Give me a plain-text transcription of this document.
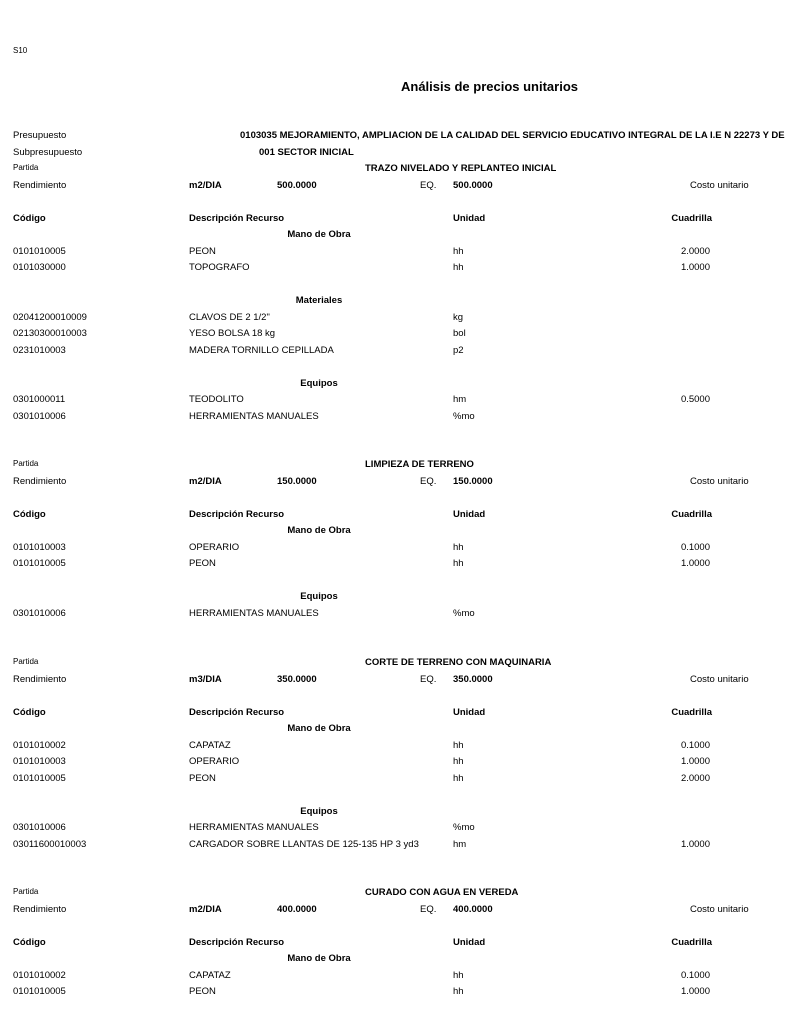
S10
Análisis de precios unitarios
Presupuesto	0103035 MEJORAMIENTO, AMPLIACION DE LA CALIDAD DEL SERVICIO EDUCATIVO INTEGRAL DE LA I.E N 22273 Y DE
Subpresupuesto	001 SECTOR INICIAL
Partida	TRAZO NIVELADO Y REPLANTEO INICIAL
Rendimiento	m2/DIA	500.0000	EQ. 500.0000	Costo unitario
Código	Descripción Recurso	Unidad	Cuadrilla
Mano de Obra
0101010005	PEON	hh	2.0000
0101030000	TOPOGRAFO	hh	1.0000
Materiales
02041200010009	CLAVOS DE 2 1/2"	kg
02130300010003	YESO BOLSA 18 kg	bol
0231010003	MADERA TORNILLO CEPILLADA	p2
Equipos
0301000011	TEODOLITO	hm	0.5000
0301010006	HERRAMIENTAS MANUALES	%mo
Partida	LIMPIEZA DE TERRENO
Rendimiento	m2/DIA	150.0000	EQ. 150.0000	Costo unitario
Código	Descripción Recurso	Unidad	Cuadrilla
Mano de Obra
0101010003	OPERARIO	hh	0.1000
0101010005	PEON	hh	1.0000
Equipos
0301010006	HERRAMIENTAS MANUALES	%mo
Partida	CORTE DE TERRENO CON MAQUINARIA
Rendimiento	m3/DIA	350.0000	EQ. 350.0000	Costo unitario
Código	Descripción Recurso	Unidad	Cuadrilla
Mano de Obra
0101010002	CAPATAZ	hh	0.1000
0101010003	OPERARIO	hh	1.0000
0101010005	PEON	hh	2.0000
Equipos
0301010006	HERRAMIENTAS MANUALES	%mo
03011600010003	CARGADOR SOBRE LLANTAS DE 125-135 HP 3 yd3	hm	1.0000
Partida	CURADO CON AGUA EN VEREDA
Rendimiento	m2/DIA	400.0000	EQ. 400.0000	Costo unitario
Código	Descripción Recurso	Unidad	Cuadrilla
Mano de Obra
0101010002	CAPATAZ	hh	0.1000
0101010005	PEON	hh	1.0000
